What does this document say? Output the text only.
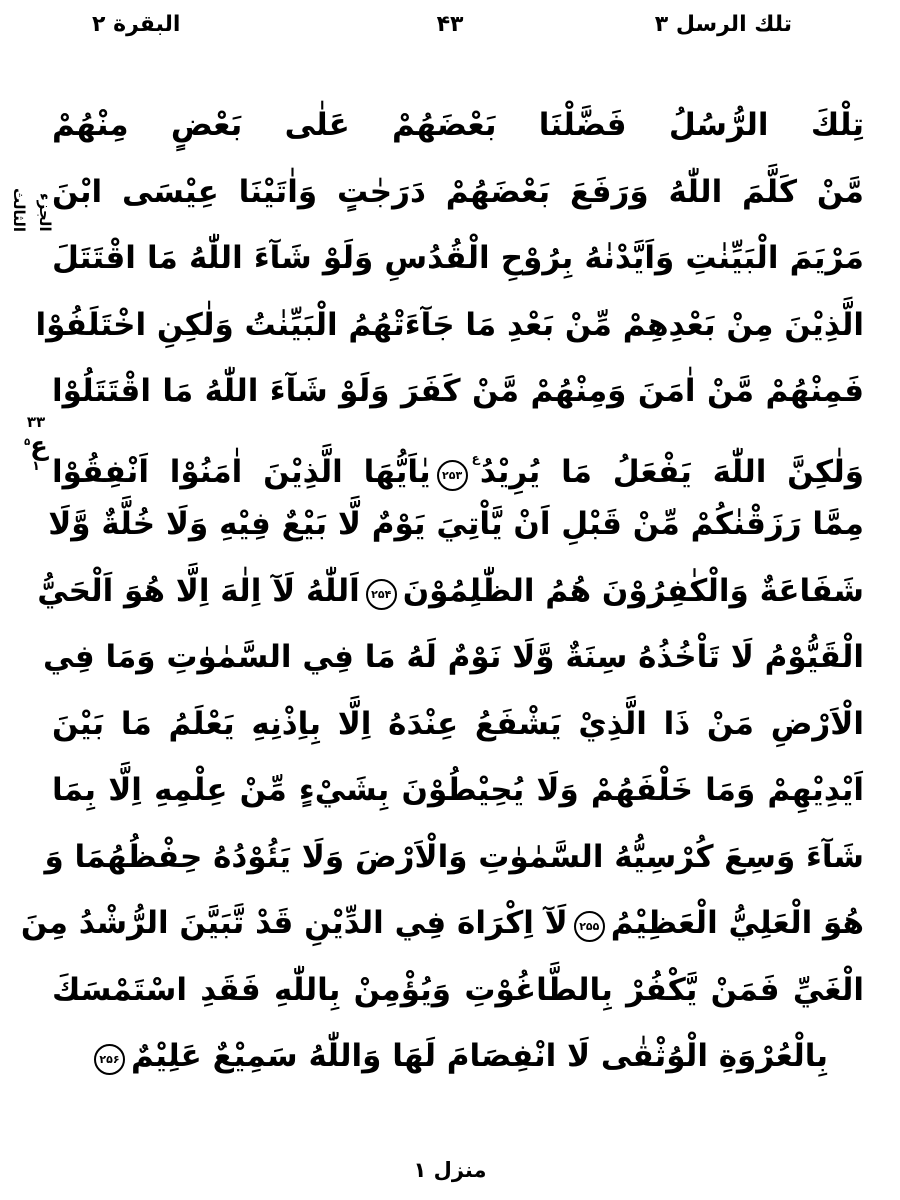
تلك الرسل ٣
۴۳
البقرة ۲
الجزء
الثالث
۳۳
ع$^۵$
۱
تِلْكَ الرُّسُلُ فَضَّلْنَا بَعْضَهُمْ عَلٰى بَعْضٍ مِنْهُمْ
مَّنْ كَلَّمَ اللّٰهُ وَرَفَعَ بَعْضَهُمْ دَرَجٰتٍ وَاٰتَيْنَا عِيْسَى ابْنَ
مَرْيَمَ الْبَيِّنٰتِ وَاَيَّدْنٰهُ بِرُوْحِ الْقُدُسِ وَلَوْ شَآءَ اللّٰهُ مَا اقْتَتَلَ
الَّذِيْنَ مِنْ بَعْدِهِمْ مِّنْ بَعْدِ مَا جَآءَتْهُمُ الْبَيِّنٰتُ وَلٰكِنِ اخْتَلَفُوْا
فَمِنْهُمْ مَّنْ اٰمَنَ وَمِنْهُمْ مَّنْ كَفَرَ وَلَوْ شَآءَ اللّٰهُ مَا اقْتَتَلُوْا
وَلٰكِنَّ اللّٰهَ يَفْعَلُ مَا يُرِيْدُ$^ع$۲۵۳يٰاَيُّهَا الَّذِيْنَ اٰمَنُوْا اَنْفِقُوْا
مِمَّا رَزَقْنٰكُمْ مِّنْ قَبْلِ اَنْ يَّاْتِيَ يَوْمٌ لَّا بَيْعٌ فِيْهِ وَلَا خُلَّةٌ وَّلَا
شَفَاعَةٌ وَالْكٰفِرُوْنَ هُمُ الظّٰلِمُوْنَ۲۵۴اَللّٰهُ لَآ اِلٰهَ اِلَّا هُوَ اَلْحَيُّ
الْقَيُّوْمُ لَا تَاْخُذُهُ سِنَةٌ وَّلَا نَوْمٌ لَهُ مَا فِي السَّمٰوٰتِ وَمَا فِي
الْاَرْضِ مَنْ ذَا الَّذِيْ يَشْفَعُ عِنْدَهُ اِلَّا بِاِذْنِهِ يَعْلَمُ مَا بَيْنَ
اَيْدِيْهِمْ وَمَا خَلْفَهُمْ وَلَا يُحِيْطُوْنَ بِشَيْءٍ مِّنْ عِلْمِهِ اِلَّا بِمَا
شَآءَ وَسِعَ كُرْسِيُّهُ السَّمٰوٰتِ وَالْاَرْضَ وَلَا يَئُوْدُهُ حِفْظُهُمَا وَ
هُوَ الْعَلِيُّ الْعَظِيْمُ۲۵۵لَآ اِكْرَاهَ فِي الدِّيْنِ قَدْ تَّبَيَّنَ الرُّشْدُ مِنَ
الْغَيِّ فَمَنْ يَّكْفُرْ بِالطَّاغُوْتِ وَيُؤْمِنْ بِاللّٰهِ فَقَدِ اسْتَمْسَكَ
بِالْعُرْوَةِ الْوُثْقٰى لَا انْفِصَامَ لَهَا وَاللّٰهُ سَمِيْعٌ عَلِيْمٌ۲۵۶
منزل ۱
